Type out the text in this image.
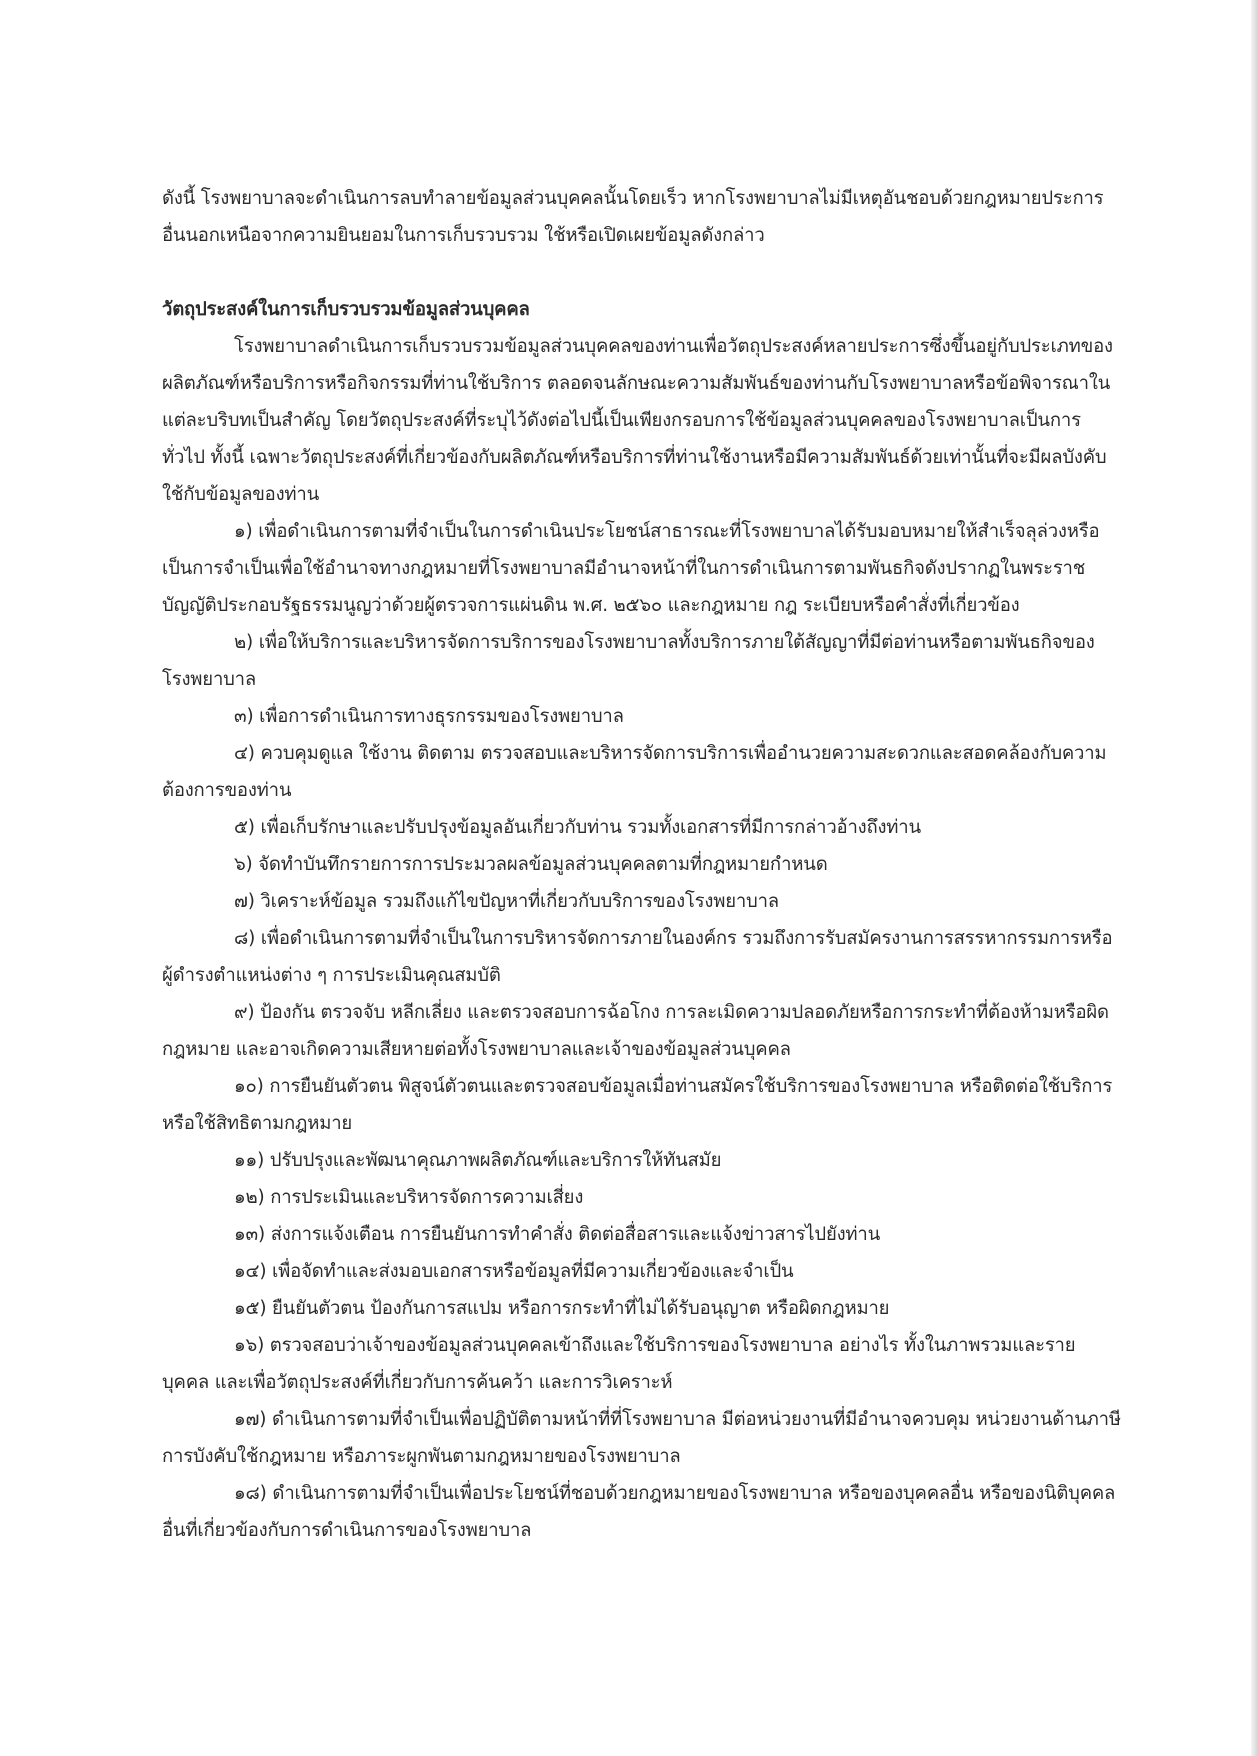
ดังนี้ โรงพยาบาลจะดำเนินการลบทำลายข้อมูลส่วนบุคคลนั้นโดยเร็ว หากโรงพยาบาลไม่มีเหตุอันชอบด้วยกฎหมายประการอื่นนอกเหนือจากความยินยอมในการเก็บรวบรวม ใช้หรือเปิดเผยข้อมูลดังกล่าว

วัตถุประสงค์ในการเก็บรวบรวมข้อมูลส่วนบุคคล

โรงพยาบาลดำเนินการเก็บรวบรวมข้อมูลส่วนบุคคลของท่านเพื่อวัตถุประสงค์หลายประการซึ่งขึ้นอยู่กับประเภทของผลิตภัณฑ์หรือบริการหรือกิจกรรมที่ท่านใช้บริการ ตลอดจนลักษณะความสัมพันธ์ของท่านกับโรงพยาบาลหรือข้อพิจารณาในแต่ละบริบทเป็นสำคัญ โดยวัตถุประสงค์ที่ระบุไว้ดังต่อไปนี้เป็นเพียงกรอบการใช้ข้อมูลส่วนบุคคลของโรงพยาบาลเป็นการทั่วไป ทั้งนี้ เฉพาะวัตถุประสงค์ที่เกี่ยวข้องกับผลิตภัณฑ์หรือบริการที่ท่านใช้งานหรือมีความสัมพันธ์ด้วยเท่านั้นที่จะมีผลบังคับใช้กับข้อมูลของท่าน

๑) เพื่อดำเนินการตามที่จำเป็นในการดำเนินประโยชน์สาธารณะที่โรงพยาบาลได้รับมอบหมายให้สำเร็จลุล่วงหรือเป็นการจำเป็นเพื่อใช้อำนาจทางกฎหมายที่โรงพยาบาลมีอำนาจหน้าที่ในการดำเนินการตามพันธกิจดังปรากฏในพระราชบัญญัติประกอบรัฐธรรมนูญว่าด้วยผู้ตรวจการแผ่นดิน พ.ศ. ๒๕๖๐ และกฎหมาย กฎ ระเบียบหรือคำสั่งที่เกี่ยวข้อง

๒) เพื่อให้บริการและบริหารจัดการบริการของโรงพยาบาลทั้งบริการภายใต้สัญญาที่มีต่อท่านหรือตามพันธกิจของโรงพยาบาล

๓) เพื่อการดำเนินการทางธุรกรรมของโรงพยาบาล

๔) ควบคุมดูแล ใช้งาน ติดตาม ตรวจสอบและบริหารจัดการบริการเพื่ออำนวยความสะดวกและสอดคล้องกับความต้องการของท่าน

๕) เพื่อเก็บรักษาและปรับปรุงข้อมูลอันเกี่ยวกับท่าน รวมทั้งเอกสารที่มีการกล่าวอ้างถึงท่าน

๖) จัดทำบันทึกรายการการประมวลผลข้อมูลส่วนบุคคลตามที่กฎหมายกำหนด

๗) วิเคราะห์ข้อมูล รวมถึงแก้ไขปัญหาที่เกี่ยวกับบริการของโรงพยาบาล

๘) เพื่อดำเนินการตามที่จำเป็นในการบริหารจัดการภายในองค์กร รวมถึงการรับสมัครงานการสรรหากรรมการหรือผู้ดำรงตำแหน่งต่าง ๆ การประเมินคุณสมบัติ

๙) ป้องกัน ตรวจจับ หลีกเลี่ยง และตรวจสอบการฉ้อโกง การละเมิดความปลอดภัยหรือการกระทำที่ต้องห้ามหรือผิดกฎหมาย และอาจเกิดความเสียหายต่อทั้งโรงพยาบาลและเจ้าของข้อมูลส่วนบุคคล

๑๐) การยืนยันตัวตน พิสูจน์ตัวตนและตรวจสอบข้อมูลเมื่อท่านสมัครใช้บริการของโรงพยาบาล หรือติดต่อใช้บริการ หรือใช้สิทธิตามกฎหมาย

๑๑) ปรับปรุงและพัฒนาคุณภาพผลิตภัณฑ์และบริการให้ทันสมัย

๑๒) การประเมินและบริหารจัดการความเสี่ยง

๑๓) ส่งการแจ้งเตือน การยืนยันการทำคำสั่ง ติดต่อสื่อสารและแจ้งข่าวสารไปยังท่าน

๑๔) เพื่อจัดทำและส่งมอบเอกสารหรือข้อมูลที่มีความเกี่ยวข้องและจำเป็น

๑๕) ยืนยันตัวตน ป้องกันการสแปม หรือการกระทำที่ไม่ได้รับอนุญาต หรือผิดกฎหมาย

๑๖) ตรวจสอบว่าเจ้าของข้อมูลส่วนบุคคลเข้าถึงและใช้บริการของโรงพยาบาล อย่างไร ทั้งในภาพรวมและรายบุคคล และเพื่อวัตถุประสงค์ที่เกี่ยวกับการค้นคว้า และการวิเคราะห์

๑๗) ดำเนินการตามที่จำเป็นเพื่อปฏิบัติตามหน้าที่ที่โรงพยาบาล มีต่อหน่วยงานที่มีอำนาจควบคุม หน่วยงานด้านภาษี การบังคับใช้กฎหมาย หรือภาระผูกพันตามกฎหมายของโรงพยาบาล

๑๘) ดำเนินการตามที่จำเป็นเพื่อประโยชน์ที่ชอบด้วยกฎหมายของโรงพยาบาล หรือของบุคคลอื่น หรือของนิติบุคคลอื่นที่เกี่ยวข้องกับการดำเนินการของโรงพยาบาล
